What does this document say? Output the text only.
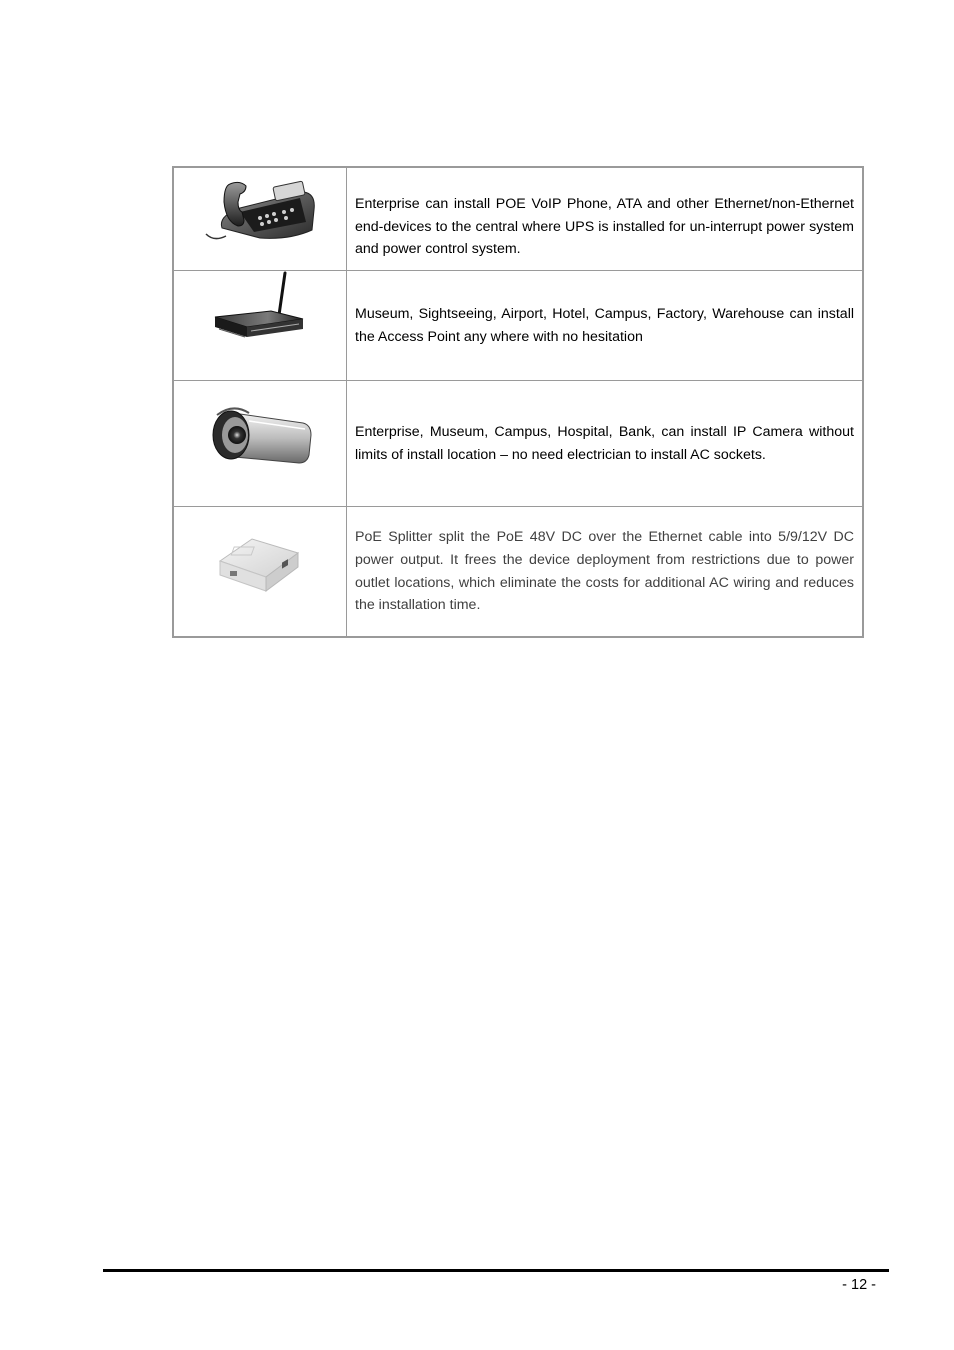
Enterprise can install POE VoIP Phone, ATA and other Ethernet/non-Ethernet end-devices to the central where UPS is installed for un-interrupt power system and power control system.

Museum, Sightseeing, Airport, Hotel, Campus, Factory, Warehouse can install the Access Point any where with no hesitation

Enterprise, Museum, Campus, Hospital, Bank, can install IP Camera without limits of install location – no need electrician to install AC sockets.

PoE Splitter split the PoE 48V DC over the Ethernet cable into 5/9/12V DC power output. It frees the device deployment from restrictions due to power outlet locations, which eliminate the costs for additional AC wiring and reduces the installation time.

- 12 -
